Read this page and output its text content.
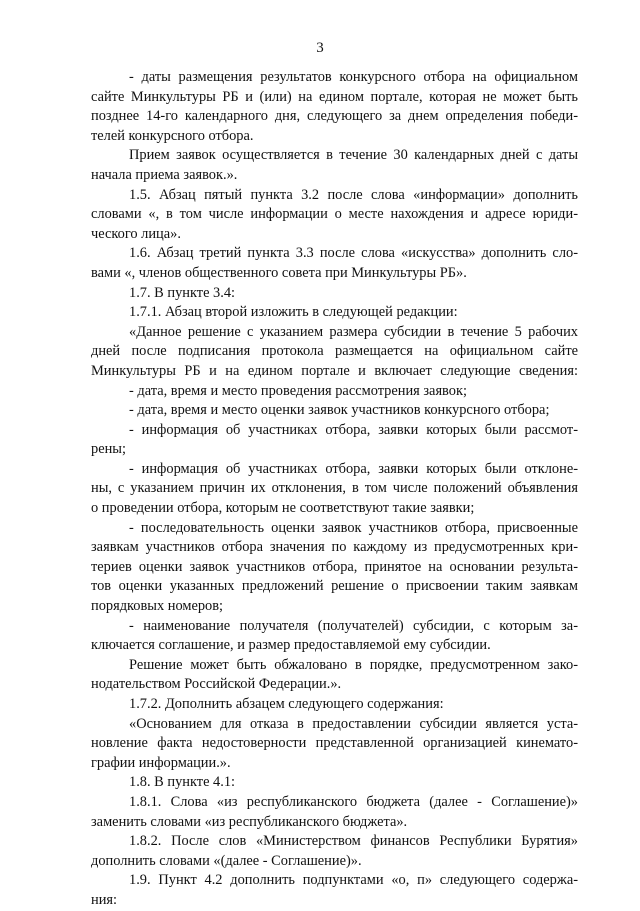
3
- даты размещения результатов конкурсного отбора на официальном
сайте Минкультуры РБ и (или) на едином портале, которая не может быть
позднее 14-го календарного дня, следующего за днем определения победи-
телей конкурсного отбора.
Прием заявок осуществляется в течение 30 календарных дней с даты
начала приема заявок.».
1.5. Абзац пятый пункта 3.2 после слова «информации» дополнить
словами «, в том числе информации о месте нахождения и адресе юриди-
ческого лица».
1.6. Абзац третий пункта 3.3 после слова «искусства» дополнить сло-
вами «, членов общественного совета при Минкультуры РБ».
1.7. В пункте 3.4:
1.7.1. Абзац второй изложить в следующей редакции:
«Данное решение с указанием размера субсидии в течение 5 рабочих
дней после подписания протокола размещается на официальном сайте
Минкультуры РБ и на едином портале и включает следующие сведения:
- дата, время и место проведения рассмотрения заявок;
- дата, время и место оценки заявок участников конкурсного отбора;
- информация об участниках отбора, заявки которых были рассмот-
рены;
- информация об участниках отбора, заявки которых были отклоне-
ны, с указанием причин их отклонения, в том числе положений объявления
о проведении отбора, которым не соответствуют такие заявки;
- последовательность оценки заявок участников отбора, присвоенные
заявкам участников отбора значения по каждому из предусмотренных кри-
териев оценки заявок участников отбора, принятое на основании результа-
тов оценки указанных предложений решение о присвоении таким заявкам
порядковых номеров;
- наименование получателя (получателей) субсидии, с которым за-
ключается соглашение, и размер предоставляемой ему субсидии.
Решение может быть обжаловано в порядке, предусмотренном зако-
нодательством Российской Федерации.».
1.7.2. Дополнить абзацем следующего содержания:
«Основанием для отказа в предоставлении субсидии является уста-
новление факта недостоверности представленной организацией кинемато-
графии информации.».
1.8. В пункте 4.1:
1.8.1. Слова «из республиканского бюджета (далее - Соглашение)»
заменить словами «из республиканского бюджета».
1.8.2. После слов «Министерством финансов Республики Бурятия»
дополнить словами «(далее - Соглашение)».
1.9. Пункт 4.2 дополнить подпунктами «о, п» следующего содержа-
ния:
